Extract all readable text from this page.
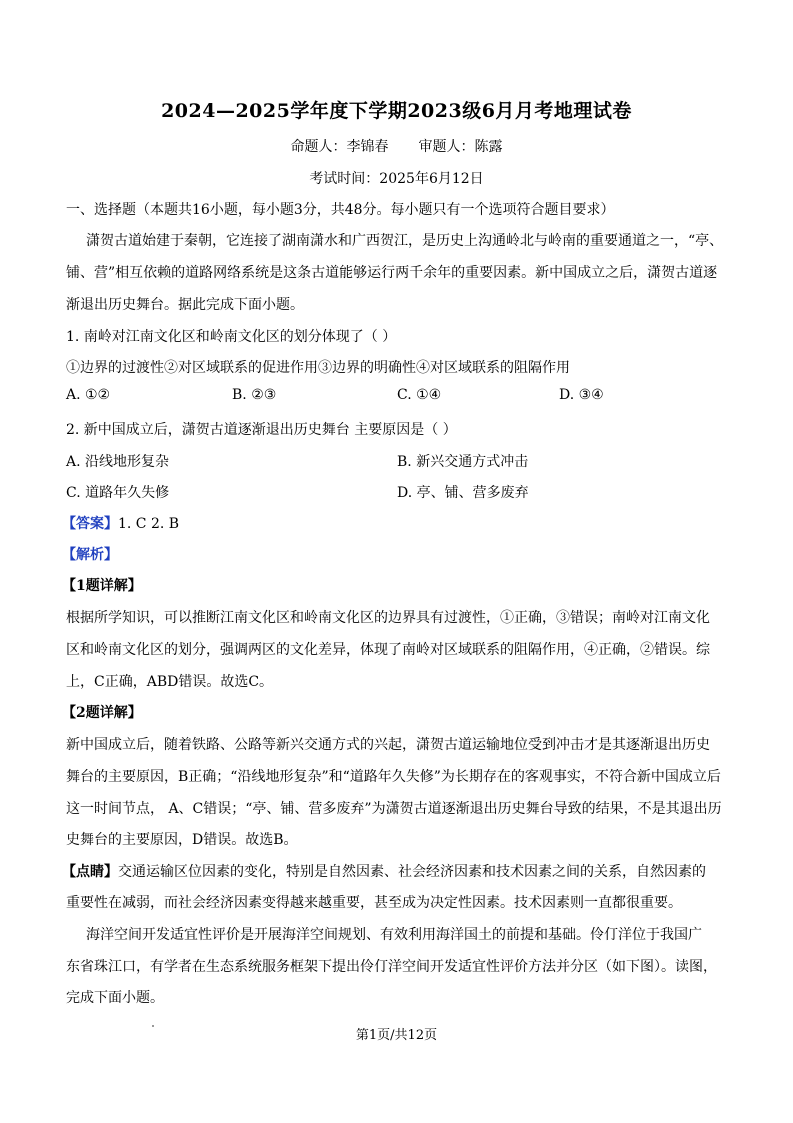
2024—2025学年度下学期2023级6月月考地理试卷
命题人：李锦春 审题人：陈露
考试时间：2025年6月12日
一、选择题（本题共16小题，每小题3分，共48分。每小题只有一个选项符合题目要求）
潇贺古道始建于秦朝，它连接了湖南潇水和广西贺江，是历史上沟通岭北与岭南的重要通道之一，“亭、
铺、营”相互依赖的道路网络系统是这条古道能够运行两千余年的重要因素。新中国成立之后，潇贺古道逐
渐退出历史舞台。据此完成下面小题。
1. 南岭对江南文化区和岭南文化区的划分体现了（ ）
①边界的过渡性②对区域联系的促进作用③边界的明确性④对区域联系的阻隔作用
A. ①②	B. ②③	C. ①④	D. ③④
2. 新中国成立后，潇贺古道逐渐退出历史舞台 主要原因是（ ）
A. 沿线地形复杂	B. 新兴交通方式冲击
C. 道路年久失修	D. 亭、铺、营多废弃
【答案】1. C 2. B
【解析】
【1题详解】
根据所学知识，可以推断江南文化区和岭南文化区的边界具有过渡性，①正确，③错误；南岭对江南文化
区和岭南文化区的划分，强调两区的文化差异，体现了南岭对区域联系的阻隔作用，④正确，②错误。综
上，C正确，ABD错误。故选C。
【2题详解】
新中国成立后，随着铁路、公路等新兴交通方式的兴起，潇贺古道运输地位受到冲击才是其逐渐退出历史
舞台的主要原因，B正确；“沿线地形复杂”和“道路年久失修”为长期存在的客观事实，不符合新中国成立后
这一时间节点， A、C错误；“亭、铺、营多废弃”为潇贺古道逐渐退出历史舞台导致的结果，不是其退出历
史舞台的主要原因，D错误。故选B。
【点睛】交通运输区位因素的变化，特别是自然因素、社会经济因素和技术因素之间的关系，自然因素的
重要性在减弱，而社会经济因素变得越来越重要，甚至成为决定性因素。技术因素则一直都很重要。
海洋空间开发适宜性评价是开展海洋空间规划、有效利用海洋国土的前提和基础。伶仃洋位于我国广
东省珠江口，有学者在生态系统服务框架下提出伶仃洋空间开发适宜性评价方法并分区（如下图）。读图，
完成下面小题。
第1页/共12页
